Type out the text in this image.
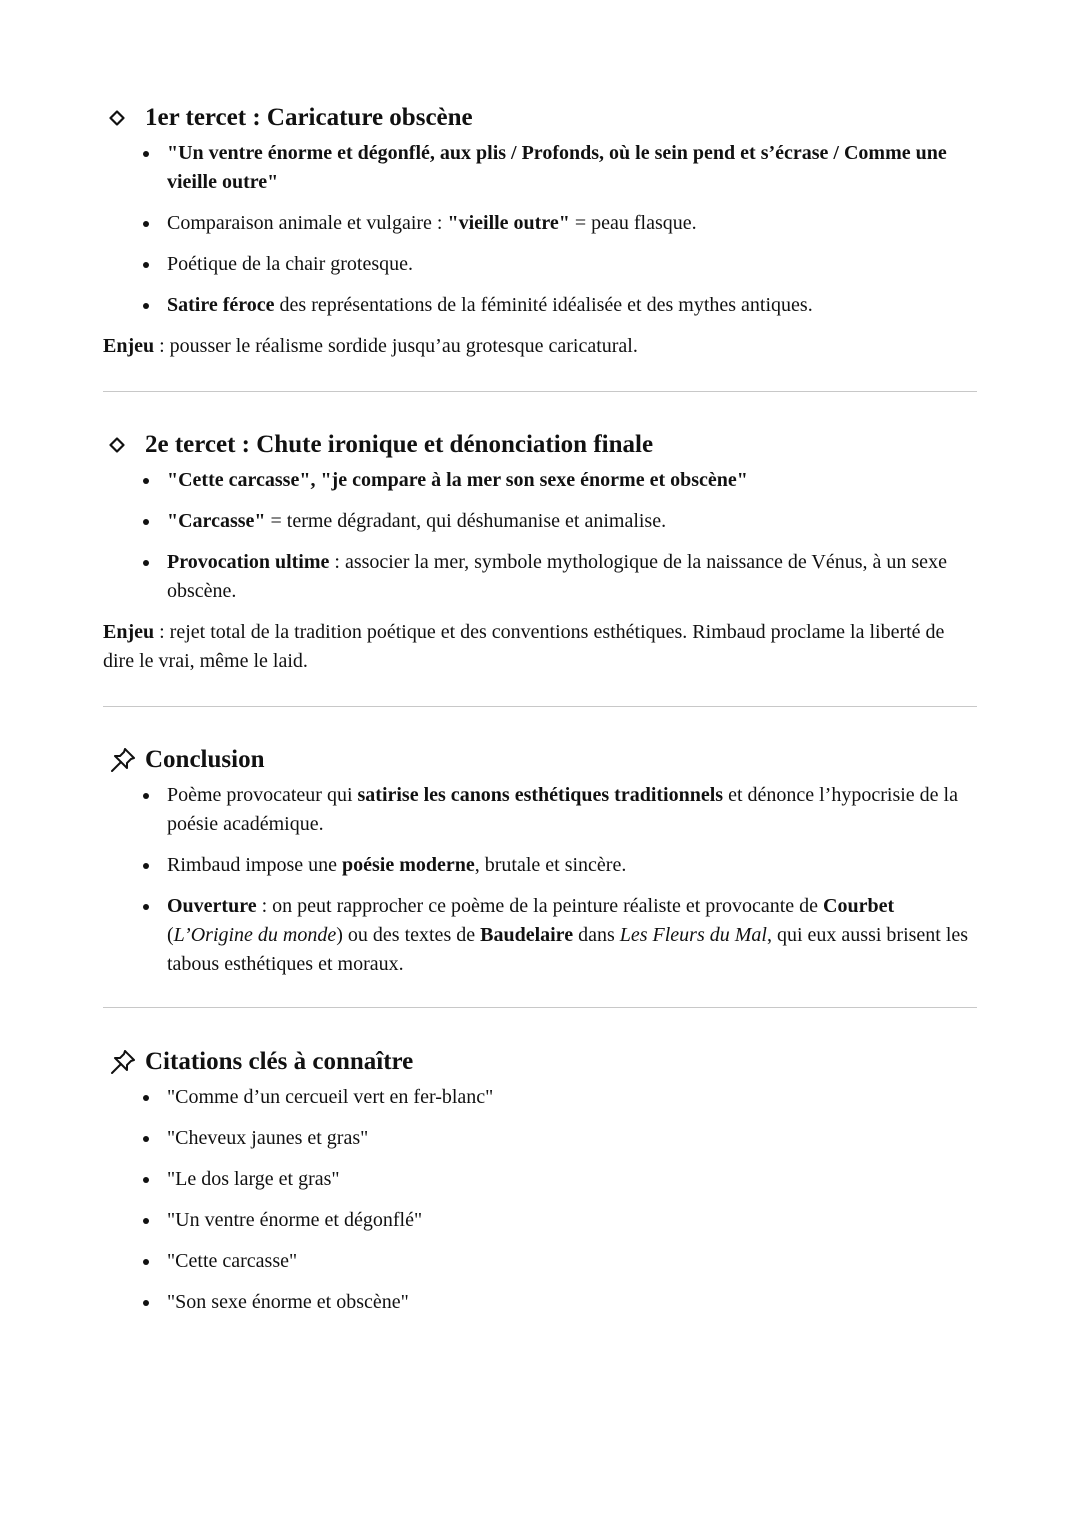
1er tercet : Caricature obscène
"Un ventre énorme et dégonflé, aux plis / Profonds, où le sein pend et s’écrase / Comme une vieille outre"
Comparaison animale et vulgaire : "vieille outre" = peau flasque.
Poétique de la chair grotesque.
Satire féroce des représentations de la féminité idéalisée et des mythes antiques.
Enjeu : pousser le réalisme sordide jusqu’au grotesque caricatural.
2e tercet : Chute ironique et dénonciation finale
"Cette carcasse", "je compare à la mer son sexe énorme et obscène"
"Carcasse" = terme dégradant, qui déshumanise et animalise.
Provocation ultime : associer la mer, symbole mythologique de la naissance de Vénus, à un sexe obscène.
Enjeu : rejet total de la tradition poétique et des conventions esthétiques. Rimbaud proclame la liberté de dire le vrai, même le laid.
Conclusion
Poème provocateur qui satirise les canons esthétiques traditionnels et dénonce l’hypocrisie de la poésie académique.
Rimbaud impose une poésie moderne, brutale et sincère.
Ouverture : on peut rapprocher ce poème de la peinture réaliste et provocante de Courbet (L’Origine du monde) ou des textes de Baudelaire dans Les Fleurs du Mal, qui eux aussi brisent les tabous esthétiques et moraux.
Citations clés à connaître
"Comme d’un cercueil vert en fer-blanc"
"Cheveux jaunes et gras"
"Le dos large et gras"
"Un ventre énorme et dégonflé"
"Cette carcasse"
"Son sexe énorme et obscène"
